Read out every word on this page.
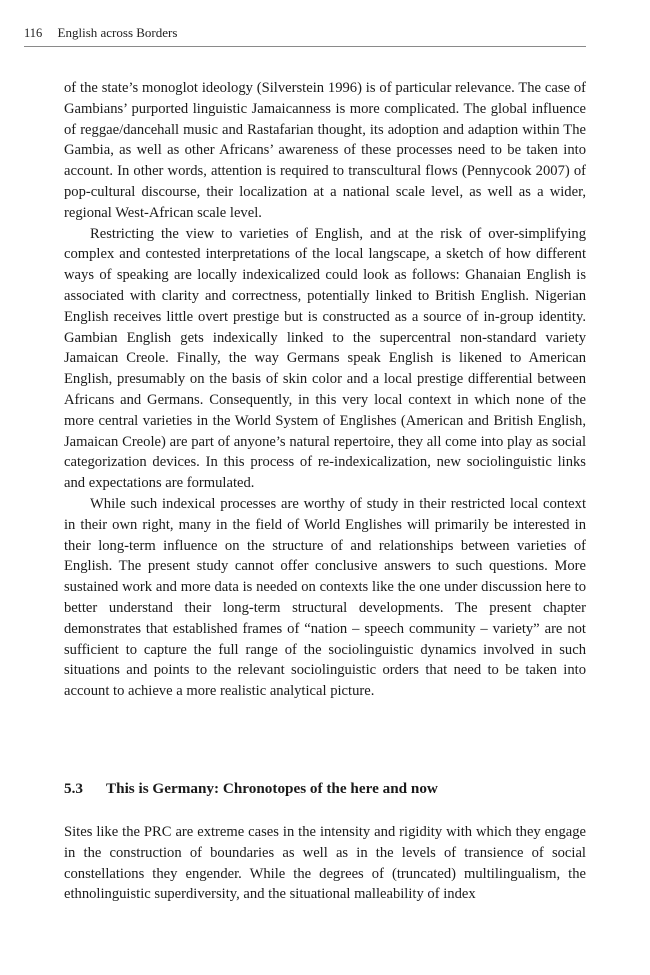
116 English across Borders

of the state’s monoglot ideology (Silverstein 1996) is of particular relevance. The case of Gambians’ purported linguistic Jamaicanness is more complicated. The global influence of reggae/dancehall music and Rastafarian thought, its adoption and adaption within The Gambia, as well as other Africans’ awareness of these processes need to be taken into account. In other words, attention is required to transcultural flows (Pennycook 2007) of pop-cultural discourse, their localization at a national scale level, as well as a wider, regional West-African scale level.

Restricting the view to varieties of English, and at the risk of over-simplifying complex and contested interpretations of the local langscape, a sketch of how different ways of speaking are locally indexicalized could look as follows: Ghanaian English is associated with clarity and correctness, potentially linked to British English. Nigerian English receives little overt prestige but is constructed as a source of in-group identity. Gambian English gets indexically linked to the supercentral non-standard variety Jamaican Creole. Finally, the way Germans speak English is likened to American English, presumably on the basis of skin color and a local prestige differential between Africans and Germans. Consequently, in this very local context in which none of the more central varieties in the World System of Englishes (American and British English, Jamaican Creole) are part of anyone’s natural repertoire, they all come into play as social categorization devices. In this process of re-indexicalization, new sociolinguistic links and expectations are formulated.

While such indexical processes are worthy of study in their restricted local context in their own right, many in the field of World Englishes will primarily be interested in their long-term influence on the structure of and relationships between varieties of English. The present study cannot offer conclusive answers to such questions. More sustained work and more data is needed on contexts like the one under discussion here to better understand their long-term structural developments. The present chapter demonstrates that established frames of “nation – speech community – variety” are not sufficient to capture the full range of the sociolinguistic dynamics involved in such situations and points to the relevant sociolinguistic orders that need to be taken into account to achieve a more realistic analytical picture.

5.3 This is Germany: Chronotopes of the here and now

Sites like the PRC are extreme cases in the intensity and rigidity with which they engage in the construction of boundaries as well as in the levels of transience of social constellations they engender. While the degrees of (truncated) multilingualism, the ethnolinguistic superdiversity, and the situational malleability of index
